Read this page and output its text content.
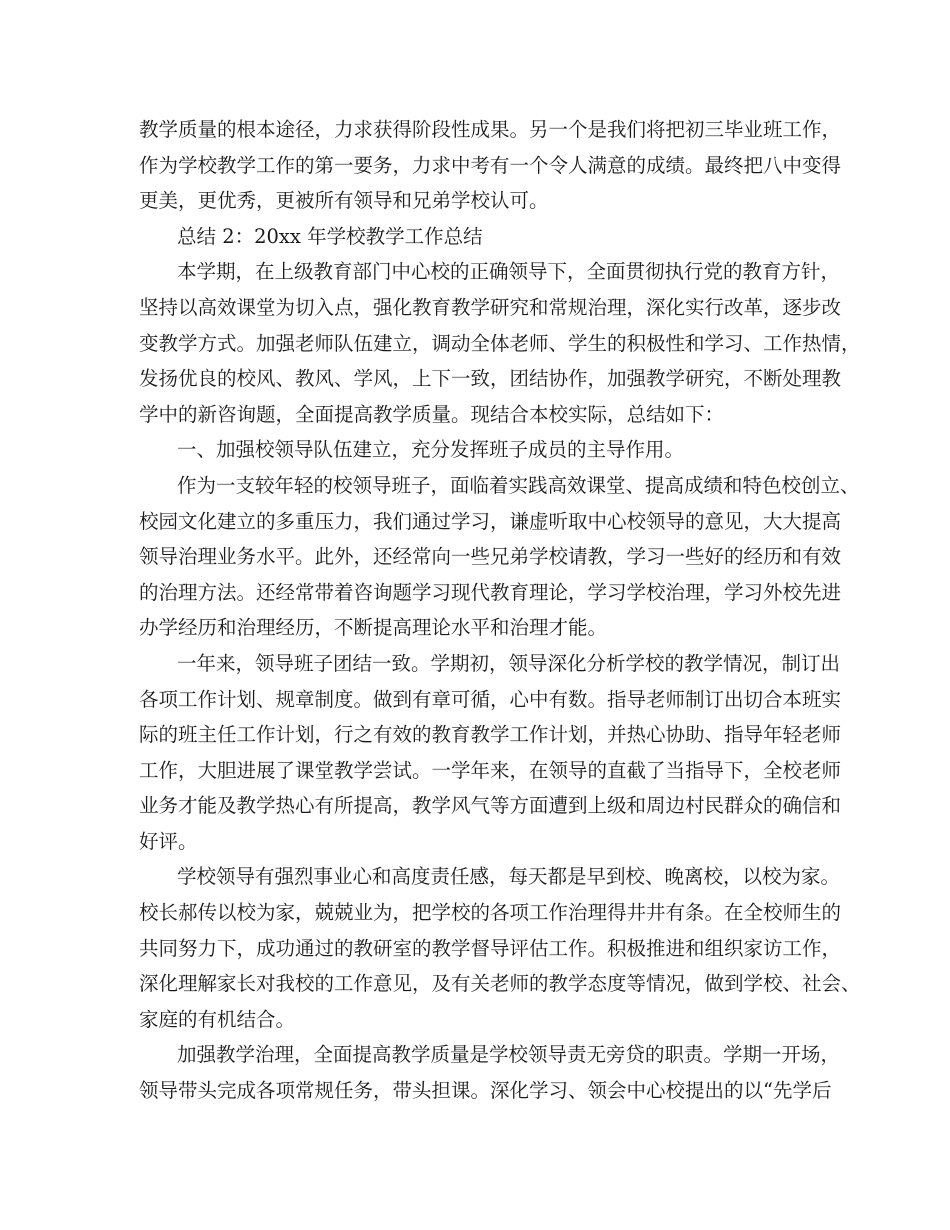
教学质量的根本途径，力求获得阶段性成果。另一个是我们将把初三毕业班工作，
作为学校教学工作的第一要务，力求中考有一个令人满意的成绩。最终把八中变得
更美，更优秀，更被所有领导和兄弟学校认可。
总结 2：20xx 年学校教学工作总结
本学期，在上级教育部门中心校的正确领导下，全面贯彻执行党的教育方针，
坚持以高效课堂为切入点，强化教育教学研究和常规治理，深化实行改革，逐步改
变教学方式。加强老师队伍建立，调动全体老师、学生的积极性和学习、工作热情，
发扬优良的校风、教风、学风，上下一致，团结协作，加强教学研究，不断处理教
学中的新咨询题，全面提高教学质量。现结合本校实际，总结如下：
一、加强校领导队伍建立，充分发挥班子成员的主导作用。
作为一支较年轻的校领导班子，面临着实践高效课堂、提高成绩和特色校创立、
校园文化建立的多重压力，我们通过学习，谦虚听取中心校领导的意见，大大提高
领导治理业务水平。此外，还经常向一些兄弟学校请教，学习一些好的经历和有效
的治理方法。还经常带着咨询题学习现代教育理论，学习学校治理，学习外校先进
办学经历和治理经历，不断提高理论水平和治理才能。
一年来，领导班子团结一致。学期初，领导深化分析学校的教学情况，制订出
各项工作计划、规章制度。做到有章可循，心中有数。指导老师制订出切合本班实
际的班主任工作计划，行之有效的教育教学工作计划，并热心协助、指导年轻老师
工作，大胆进展了课堂教学尝试。一学年来，在领导的直截了当指导下，全校老师
业务才能及教学热心有所提高，教学风气等方面遭到上级和周边村民群众的确信和
好评。
学校领导有强烈事业心和高度责任感，每天都是早到校、晚离校，以校为家。
校长郝传以校为家，兢兢业为，把学校的各项工作治理得井井有条。在全校师生的
共同努力下，成功通过的教研室的教学督导评估工作。积极推进和组织家访工作，
深化理解家长对我校的工作意见，及有关老师的教学态度等情况，做到学校、社会、
家庭的有机结合。
加强教学治理，全面提高教学质量是学校领导责无旁贷的职责。学期一开场，
领导带头完成各项常规任务，带头担课。深化学习、领会中心校提出的以“先学后
